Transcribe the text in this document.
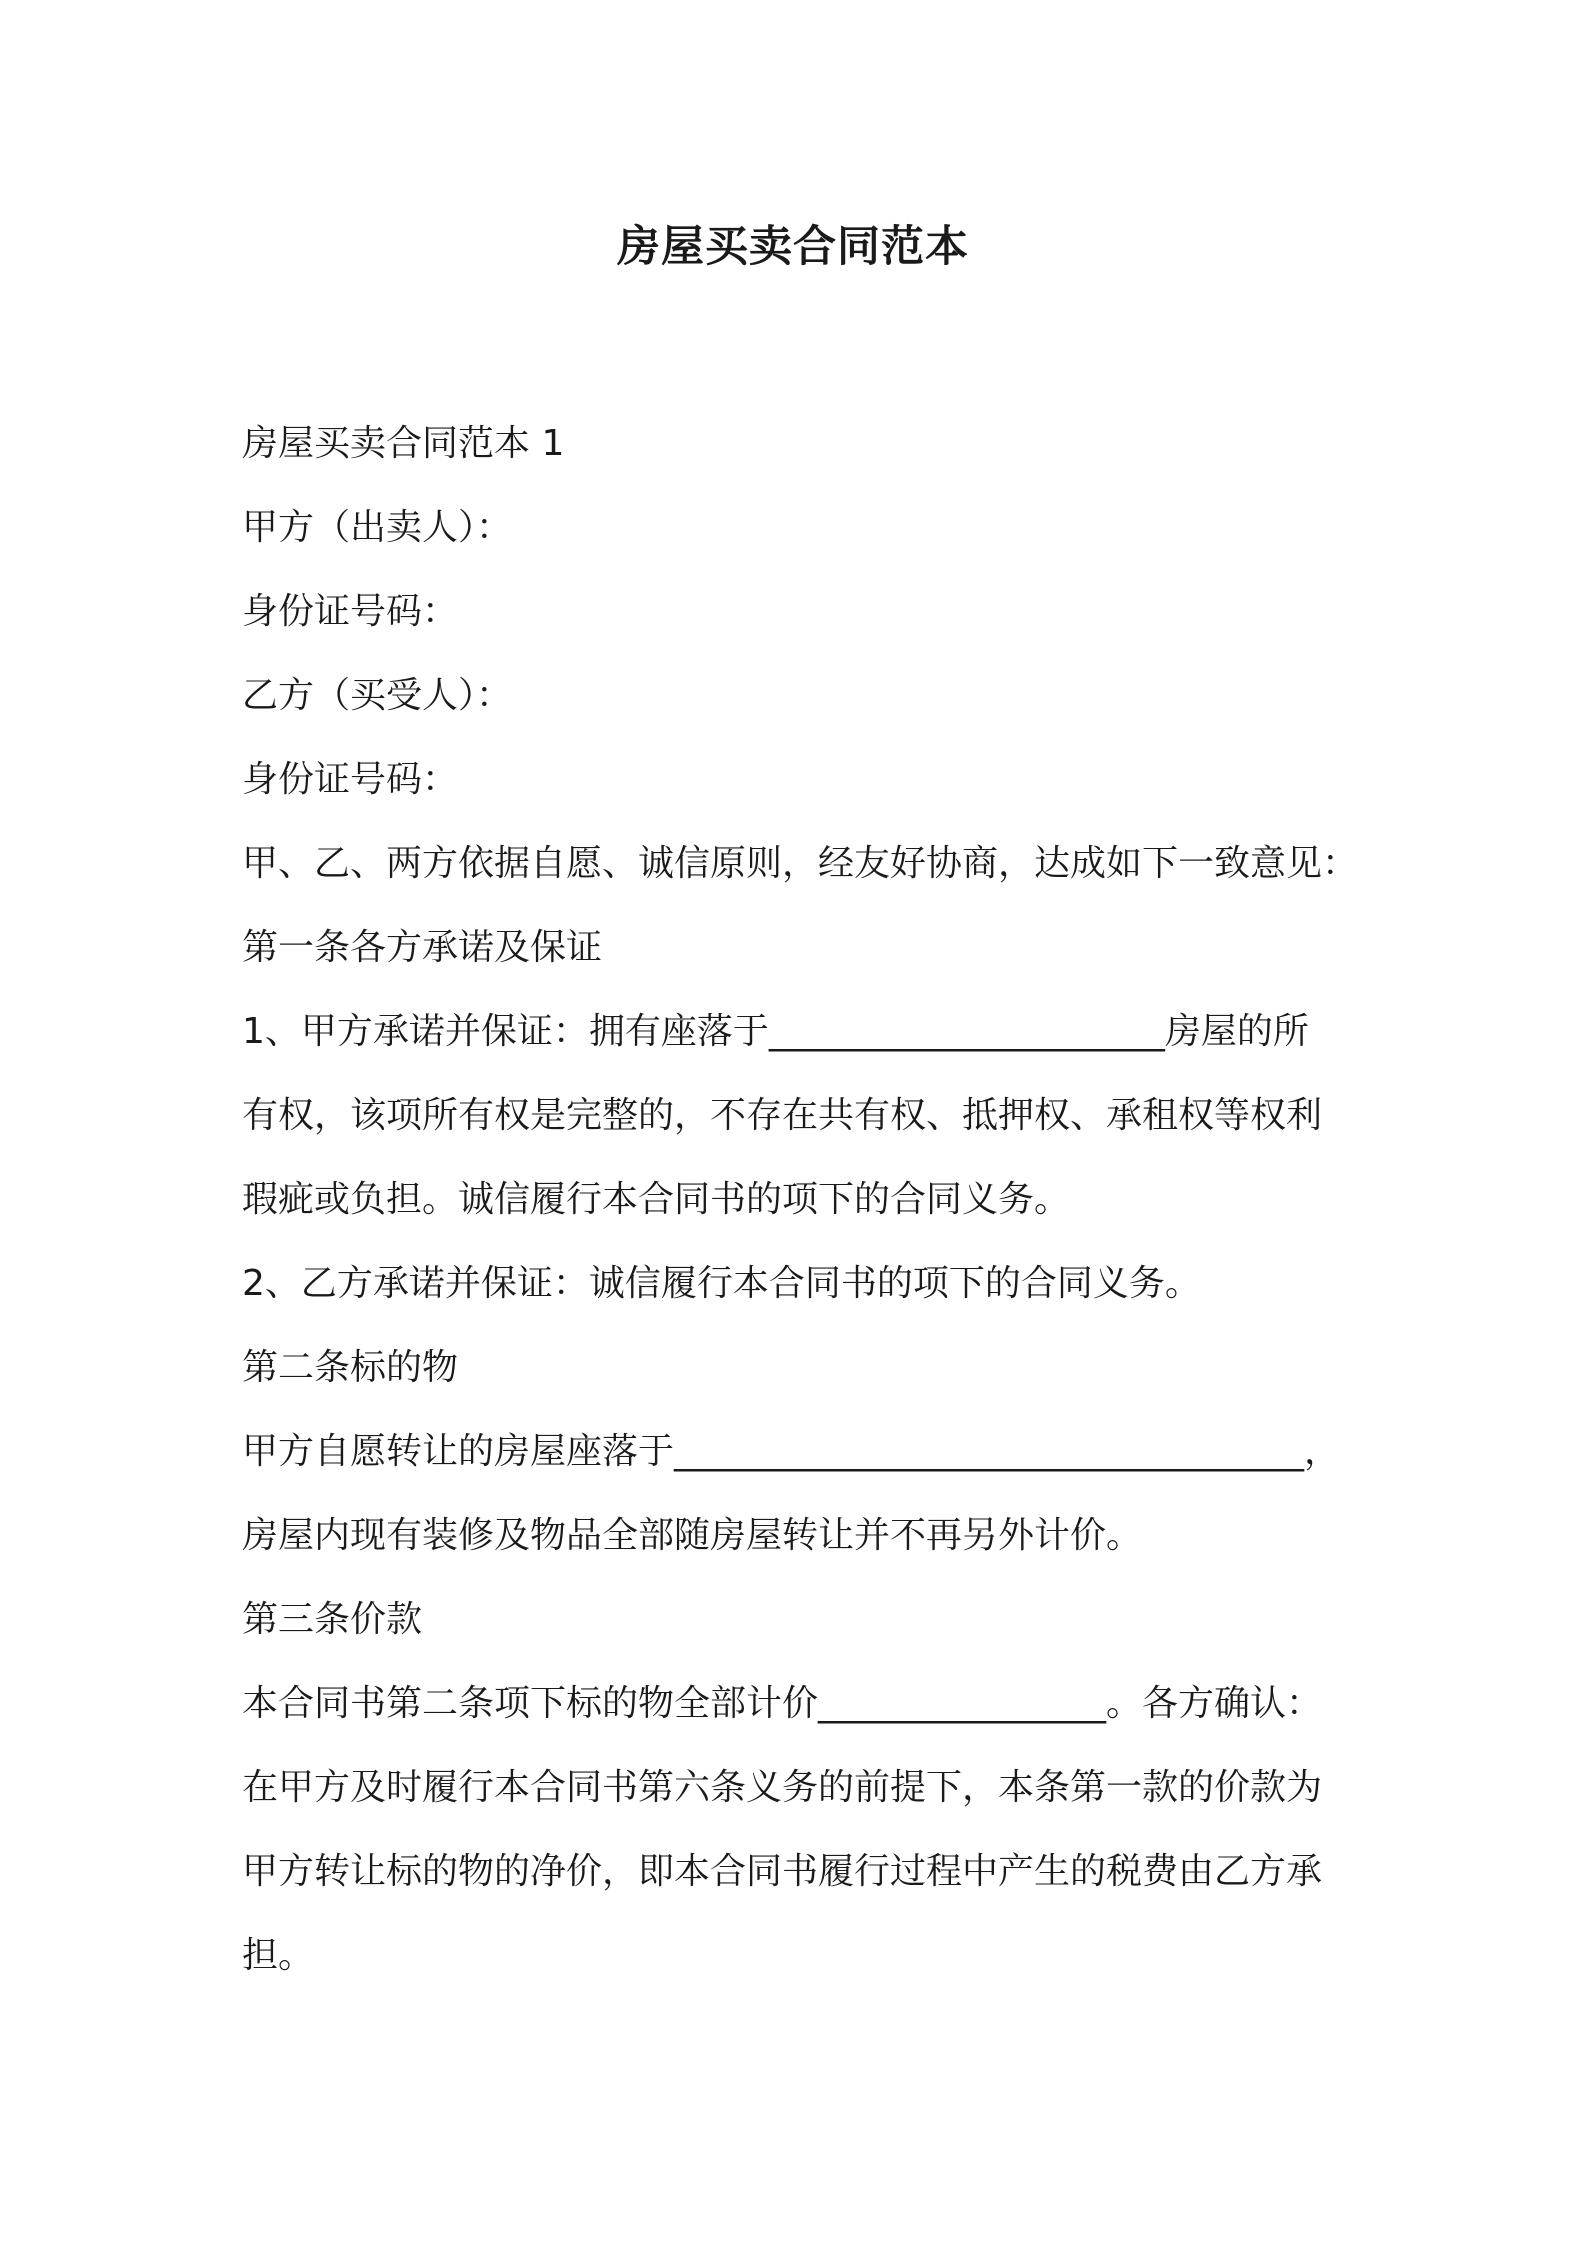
房屋买卖合同范本
房屋买卖合同范本 1
甲方（出卖人）：
身份证号码：
乙方（买受人）：
身份证号码：
甲、乙、两方依据自愿、诚信原则，经友好协商，达成如下一致意见：
第一条各方承诺及保证
1、甲方承诺并保证：拥有座落于______________________房屋的所
有权，该项所有权是完整的，不存在共有权、抵押权、承租权等权利
瑕疵或负担。诚信履行本合同书的项下的合同义务。
2、乙方承诺并保证：诚信履行本合同书的项下的合同义务。
第二条标的物
甲方自愿转让的房屋座落于___________________________________，
房屋内现有装修及物品全部随房屋转让并不再另外计价。
第三条价款
本合同书第二条项下标的物全部计价________________。各方确认：
在甲方及时履行本合同书第六条义务的前提下，本条第一款的价款为
甲方转让标的物的净价，即本合同书履行过程中产生的税费由乙方承
担。
